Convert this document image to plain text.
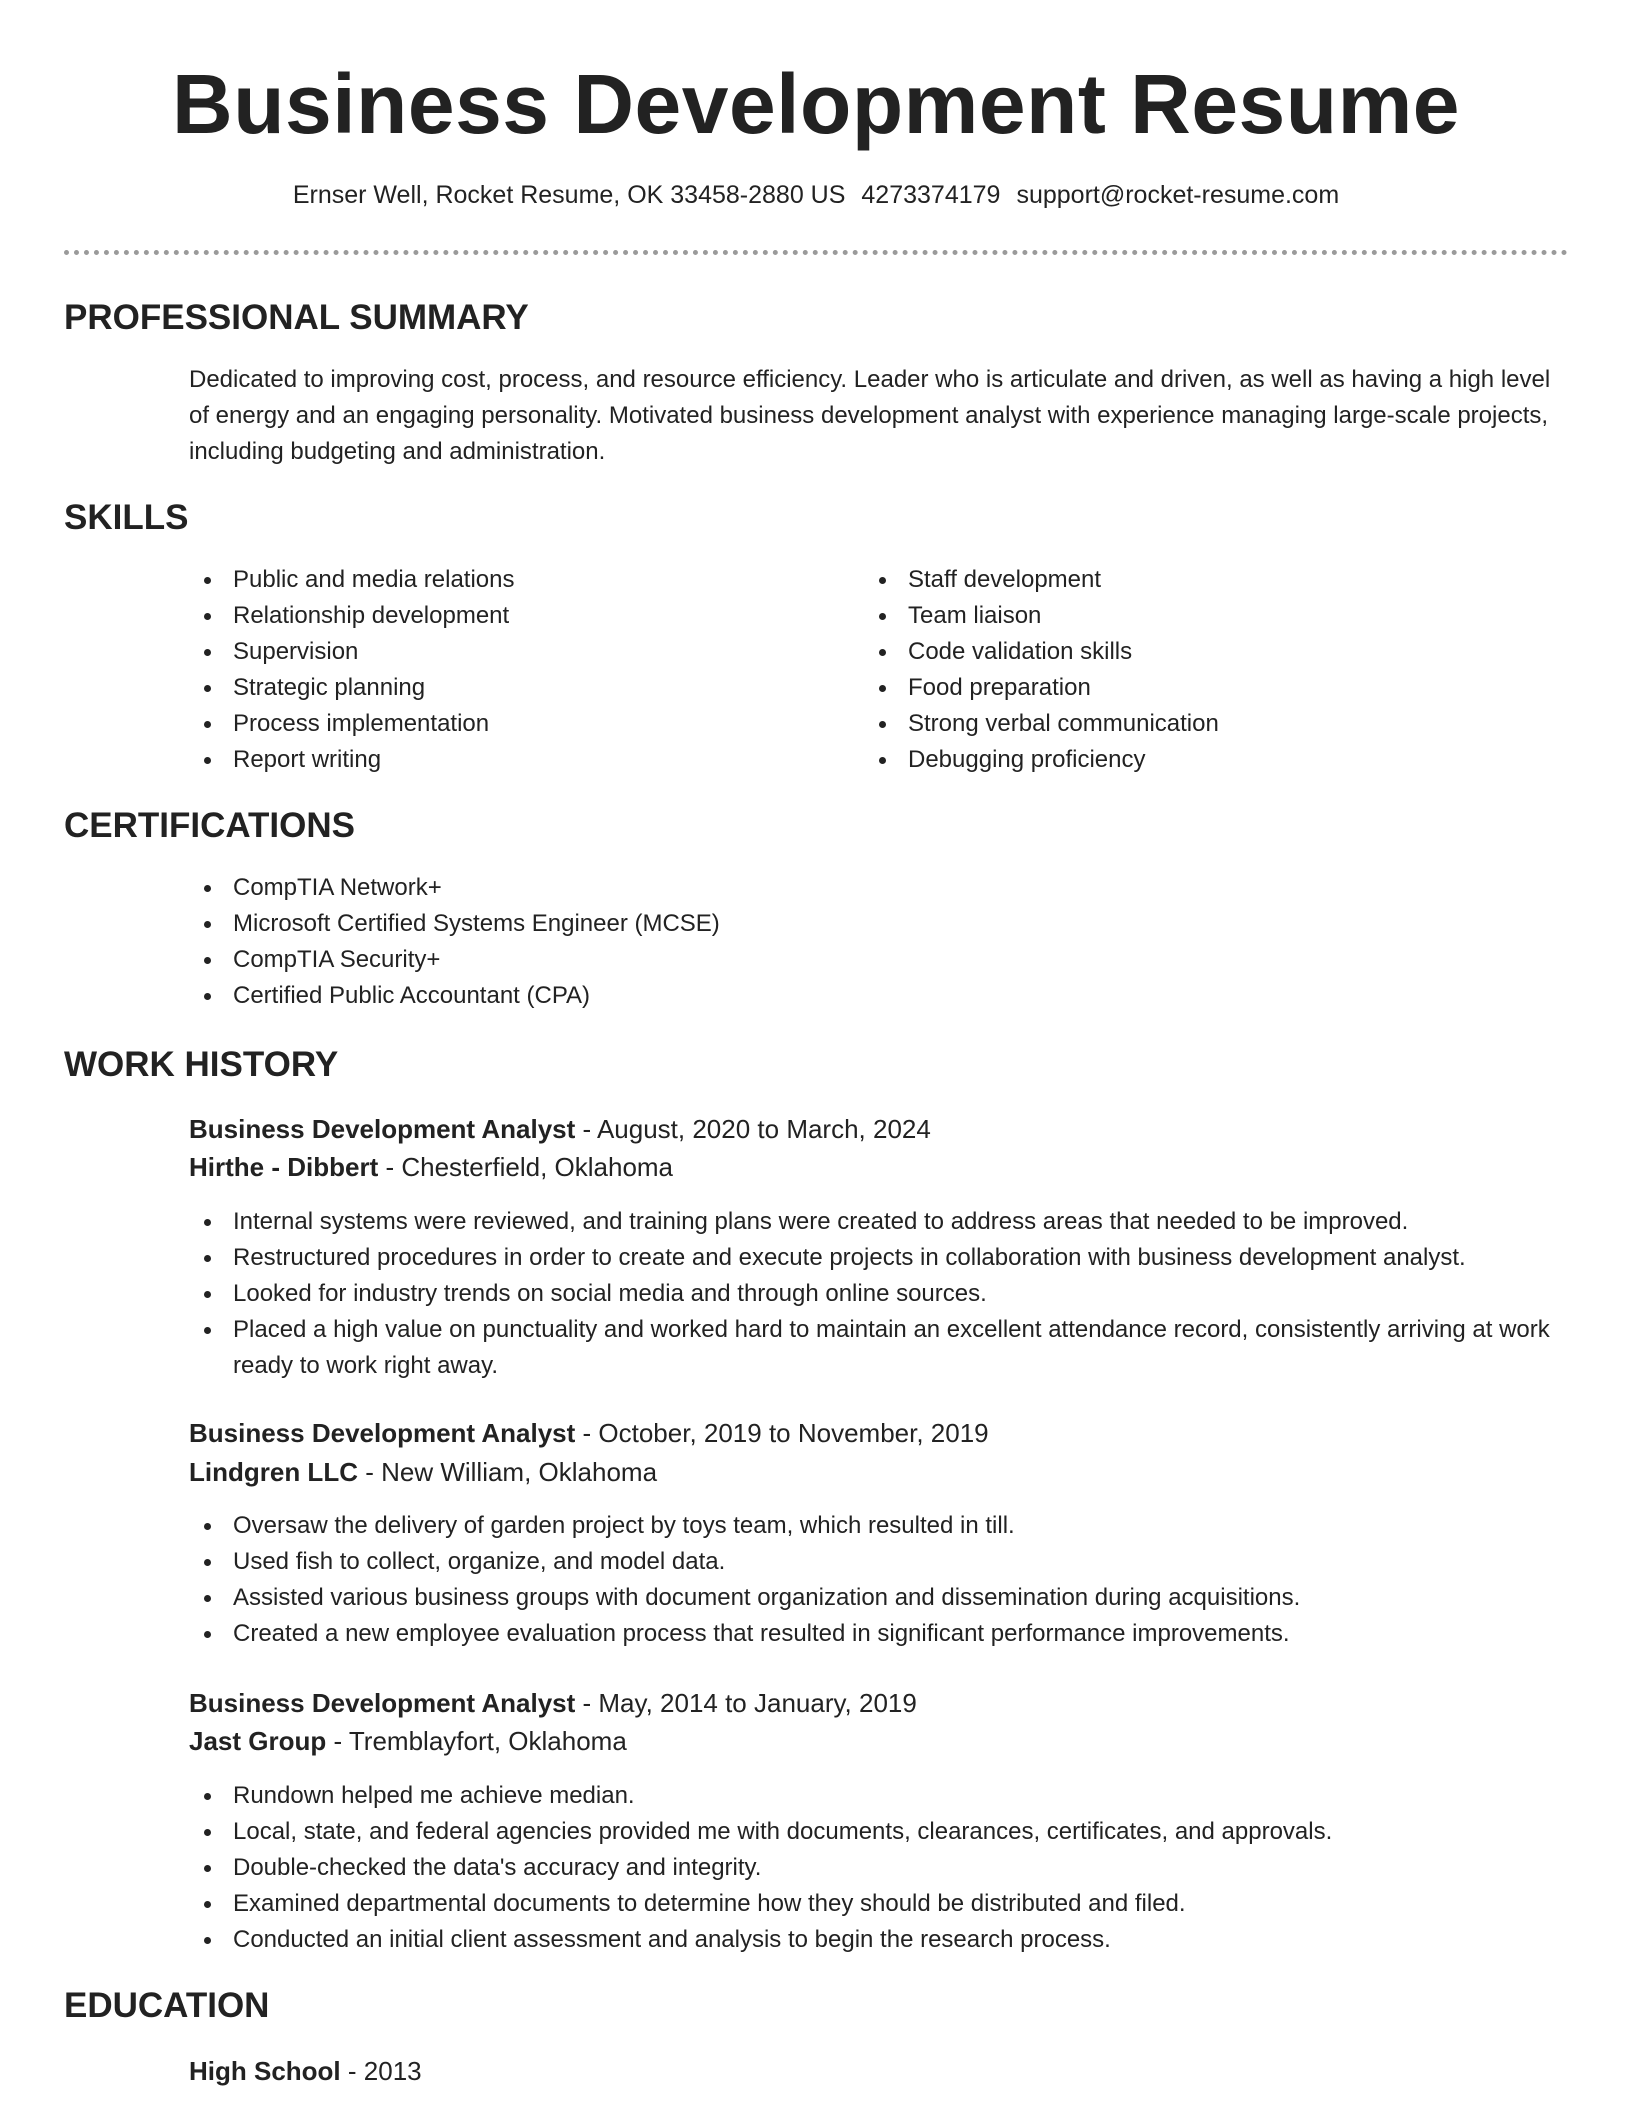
Business Development Resume
Ernser Well, Rocket Resume, OK 33458-2880 US 4273374179 support@rocket-resume.com
PROFESSIONAL SUMMARY

Dedicated to improving cost, process, and resource efficiency. Leader who is articulate and driven, as well as having a high level of energy and an engaging personality. Motivated business development analyst with experience managing large-scale projects, including budgeting and administration.

SKILLS
Public and media relations
Relationship development
Supervision
Strategic planning
Process implementation
Report writing
Staff development
Team liaison
Code validation skills
Food preparation
Strong verbal communication
Debugging proficiency
CERTIFICATIONS
CompTIA Network+
Microsoft Certified Systems Engineer (MCSE)
CompTIA Security+
Certified Public Accountant (CPA)
WORK HISTORY

Business Development Analyst - August, 2020 to March, 2024

Hirthe - Dibbert - Chesterfield, Oklahoma

Internal systems were reviewed, and training plans were created to address areas that needed to be improved.
Restructured procedures in order to create and execute projects in collaboration with business development analyst.
Looked for industry trends on social media and through online sources.
Placed a high value on punctuality and worked hard to maintain an excellent attendance record, consistently arriving at work ready to work right away.

Business Development Analyst - October, 2019 to November, 2019

Lindgren LLC - New William, Oklahoma

Oversaw the delivery of garden project by toys team, which resulted in till.
Used fish to collect, organize, and model data.
Assisted various business groups with document organization and dissemination during acquisitions.
Created a new employee evaluation process that resulted in significant performance improvements.

Business Development Analyst - May, 2014 to January, 2019

Jast Group - Tremblayfort, Oklahoma

Rundown helped me achieve median.
Local, state, and federal agencies provided me with documents, clearances, certificates, and approvals.
Double-checked the data's accuracy and integrity.
Examined departmental documents to determine how they should be distributed and filed.
Conducted an initial client assessment and analysis to begin the research process.
EDUCATION

High School - 2013
